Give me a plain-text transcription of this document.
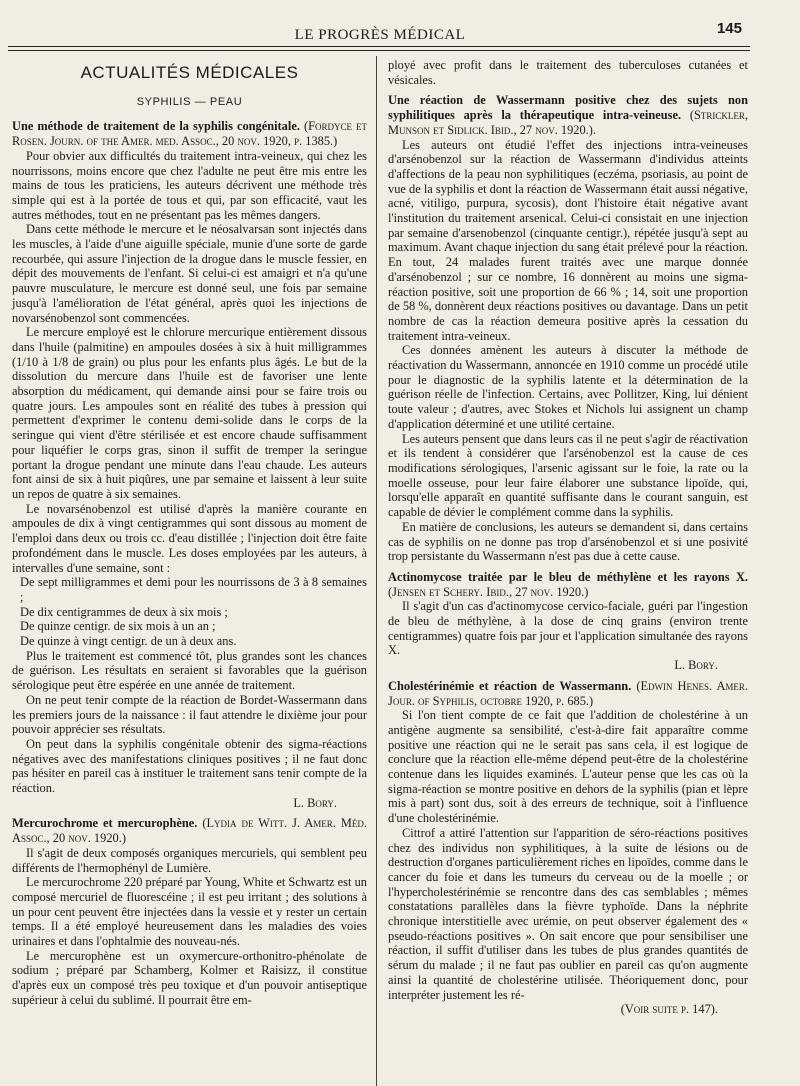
LE PROGRÈS MÉDICAL	145
ACTUALITÉS MÉDICALES
SYPHILIS — PEAU

Une méthode de traitement de la syphilis congénitale. (Fordyce et Rosen. Journ. of the Amer. med. Assoc., 20 nov. 1920, p. 1385.)

Pour obvier aux difficultés du traitement intra-veineux, qui chez les nourrissons, moins encore que chez l'adulte ne peut être mis entre les mains de tous les praticiens, les auteurs décrivent une méthode très simple qui est à la portée de tous et qui, par son efficacité, vaut les autres méthodes, tout en ne présentant pas les mêmes dangers.

Dans cette méthode le mercure et le néosalvarsan sont injectés dans les muscles, à l'aide d'une aiguille spéciale, munie d'une sorte de garde recourbée, qui assure l'injection de la drogue dans le muscle fessier, en dépit des mouvements de l'enfant. Si celui-ci est amaigri et n'a qu'une pauvre musculature, le mercure est donné seul, une fois par semaine jusqu'à l'amélioration de l'état général, après quoi les injections de novarsénobenzol sont commencées.

Le mercure employé est le chlorure mercurique entièrement dissous dans l'huile (palmitine) en ampoules dosées à six à huit milligrammes (1/10 à 1/8 de grain) ou plus pour les enfants plus âgés. Le but de la dissolution du mercure dans l'huile est de favoriser une lente absorption du médicament, qui demande ainsi pour se faire trois ou quatre jours. Les ampoules sont en réalité des tubes à pression qui permettent d'exprimer le contenu demi-solide dans le corps de la seringue qui vient d'être stérilisée et est encore chaude suffisamment pour liquéfier le corps gras, sinon il suffit de tremper la seringue portant la drogue pendant une minute dans l'eau chaude. Les auteurs font ainsi de six à huit piqûres, une par semaine et laissent à leur suite un repos de quatre à six semaines.

Le novarsénobenzol est utilisé d'après la manière courante en ampoules de dix à vingt centigrammes qui sont dissous au moment de l'emploi dans deux ou trois cc. d'eau distillée ; l'injection doit être faite profondément dans le muscle. Les doses employées par les auteurs, à intervalles d'une semaine, sont :

De sept milligrammes et demi pour les nourrissons de 3 à 8 semaines ;

De dix centigrammes de deux à six mois ;

De quinze centigr. de six mois à un an ;

De quinze à vingt centigr. de un à deux ans.

Plus le traitement est commencé tôt, plus grandes sont les chances de guérison. Les résultats en seraient si favorables que la guérison sérologique peut être espérée en une année de traitement.

On ne peut tenir compte de la réaction de Bordet-Wassermann dans les premiers jours de la naissance : il faut attendre le dixième jour pour pouvoir apprécier ses résultats.

On peut dans la syphilis congénitale obtenir des sigma-réactions négatives avec des manifestations cliniques positives ; il ne faut donc pas hésiter en pareil cas à instituer le traitement sans tenir compte de la réaction.

L. Bory.

Mercurochrome et mercurophène. (Lydia de Witt. J. Amer. Méd. Assoc., 20 nov. 1920.)

Il s'agit de deux composés organiques mercuriels, qui semblent peu différents de l'hermophényl de Lumière.

Le mercurochrome 220 préparé par Young, White et Schwartz est un composé mercuriel de fluorescéine ; il est peu irritant ; des solutions à un pour cent peuvent être injectées dans la vessie et y rester un certain temps. Il a été employé heureusement dans les maladies des voies urinaires et dans l'ophtalmie des nouveau-nés.

Le mercurophène est un oxymercure-orthonitro-phénolate de sodium ; préparé par Schamberg, Kolmer et Raisizz, il constitue d'après eux un composé très peu toxique et d'un pouvoir antiseptique supérieur à celui du sublimé. Il pourrait être em-

ployé avec profit dans le traitement des tuberculoses cutanées et vésicales.

Une réaction de Wassermann positive chez des sujets non syphilitiques après la thérapeutique intra-veineuse. (Strickler, Munson et Sidlick. Ibid., 27 nov. 1920.).

Les auteurs ont étudié l'effet des injections intra-veineuses d'arsénobenzol sur la réaction de Wassermann d'individus atteints d'affections de la peau non syphilitiques (eczéma, psoriasis, au point de vue de la syphilis et dont la réaction de Wassermann était aussi négative, acné, vitiligo, purpura, sycosis), dont l'histoire était négative avant l'institution du traitement arsenical. Celui-ci consistait en une injection par semaine d'arsenobenzol (cinquante centigr.), répétée jusqu'à sept au maximum. Avant chaque injection du sang était prélevé pour la réaction. En tout, 24 malades furent traités avec une marque donnée d'arsénobenzol ; sur ce nombre, 16 donnèrent au moins une sigma-réaction positive, soit une proportion de 66 % ; 14, soit une proportion de 58 %, donnèrent deux réactions positives ou davantage. Dans un petit nombre de cas la réaction demeura positive après la cessation du traitement intra-veineux.

Ces données amènent les auteurs à discuter la méthode de réactivation du Wassermann, annoncée en 1910 comme un procédé utile pour le diagnostic de la syphilis latente et la détermination de la guérison réelle de l'infection. Certains, avec Pollitzer, King, lui dénient toute valeur ; d'autres, avec Stokes et Nichols lui assignent un champ d'application déterminé et une utilité certaine.

Les auteurs pensent que dans leurs cas il ne peut s'agir de réactivation et ils tendent à considérer que l'arsénobenzol est la cause de ces modifications sérologiques, l'arsenic agissant sur le foie, la rate ou la moelle osseuse, pour leur faire élaborer une substance lipoïde, qui, lorsqu'elle apparaît en quantité suffisante dans le courant sanguin, est capable de dévier le complément comme dans la syphilis.

En matière de conclusions, les auteurs se demandent si, dans certains cas de syphilis on ne donne pas trop d'arsénobenzol et si une posivité trop persistante du Wassermann n'est pas due à cette cause.

Actinomycose traitée par le bleu de méthylène et les rayons X. (Jensen et Schery. Ibid., 27 nov. 1920.)

Il s'agit d'un cas d'actinomycose cervico-faciale, guéri par l'ingestion de bleu de méthylène, à la dose de cinq grains (environ trente centigrammes) quatre fois par jour et l'application simultanée des rayons X.

L. Bory.

Cholestérinémie et réaction de Wassermann. (Edwin Henes. Amer. Jour. of Syphilis, octobre 1920, p. 685.)

Si l'on tient compte de ce fait que l'addition de cholestérine à un antigène augmente sa sensibilité, c'est-à-dire fait apparaître comme positive une réaction qui ne le serait pas sans cela, il est logique de conclure que la réaction elle-même dépend peut-être de la cholestérine contenue dans les liquides examinés. L'auteur pense que les cas où la sigma-réaction se montre positive en dehors de la syphilis (pian et lèpre mis à part) sont dus, soit à des erreurs de technique, soit à l'influence d'une cholestérinémie.

Cittrof a attiré l'attention sur l'apparition de séro-réactions positives chez des individus non syphilitiques, à la suite de lésions ou de destruction d'organes particulièrement riches en lipoïdes, comme dans le cancer du foie et dans les tumeurs du cerveau ou de la moelle ; or l'hypercholestérinémie se rencontre dans des cas semblables ; mêmes constatations parallèles dans la fièvre typhoïde. Dans la néphrite chronique interstitielle avec urémie, on peut observer également des « pseudo-réactions positives ». On sait encore que pour sensibiliser une réaction, il suffit d'utiliser dans les tubes de plus grandes quantités de sérum du malade ; il ne faut pas oublier en pareil cas qu'on augmente ainsi la quantité de cholestérine utilisée. Théoriquement donc, pour interpréter justement les ré-

(Voir suite p. 147).
